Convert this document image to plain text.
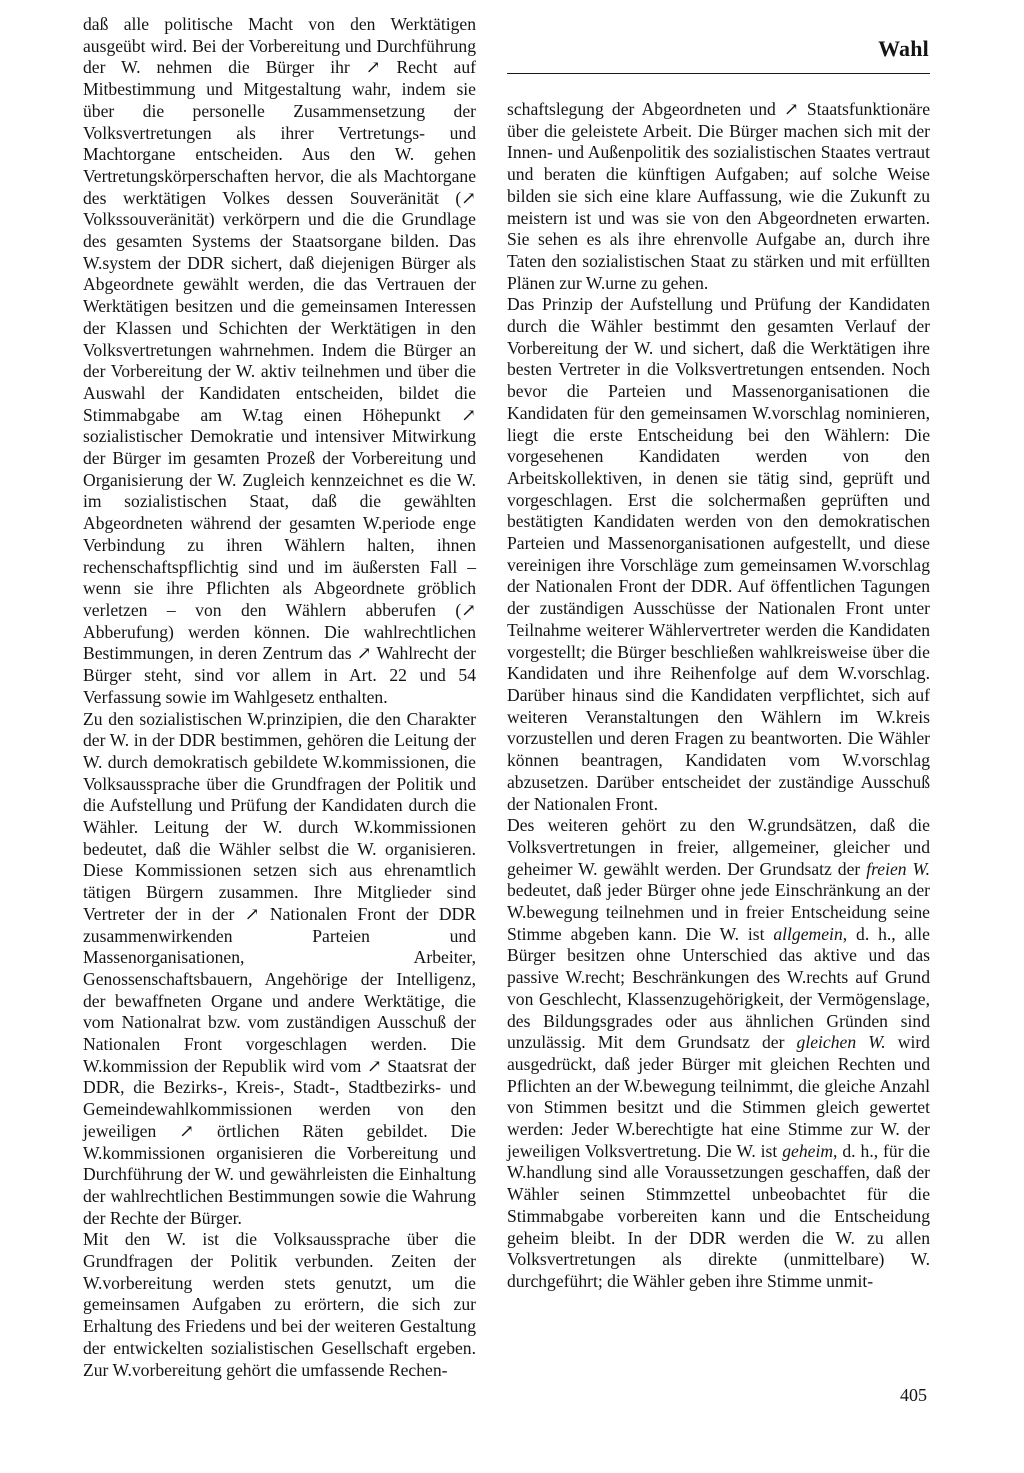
Wahl

daß alle politische Macht von den Werktätigen ausgeübt wird. Bei der Vorbereitung und Durchführung der W. nehmen die Bürger ihr ↗ Recht auf Mitbestimmung und Mitgestaltung wahr, indem sie über die personelle Zusammensetzung der Volksvertretungen als ihrer Vertretungs- und Machtorgane entscheiden. Aus den W. gehen Vertretungskörperschaften hervor, die als Machtorgane des werktätigen Volkes dessen Souveränität (↗ Volkssouveränität) verkörpern und die die Grundlage des gesamten Systems der Staatsorgane bilden. Das W.system der DDR sichert, daß diejenigen Bürger als Abgeordnete gewählt werden, die das Vertrauen der Werktätigen besitzen und die gemeinsamen Interessen der Klassen und Schichten der Werktätigen in den Volksvertretungen wahrnehmen. Indem die Bürger an der Vorbereitung der W. aktiv teilnehmen und über die Auswahl der Kandidaten entscheiden, bildet die Stimmabgabe am W.tag einen Höhepunkt ↗ sozialistischer Demokratie und intensiver Mitwirkung der Bürger im gesamten Prozeß der Vorbereitung und Organisierung der W. Zugleich kennzeichnet es die W. im sozialistischen Staat, daß die gewählten Abgeordneten während der gesamten W.periode enge Verbindung zu ihren Wählern halten, ihnen rechenschaftspflichtig sind und im äußersten Fall – wenn sie ihre Pflichten als Abgeordnete gröblich verletzen – von den Wählern abberufen (↗ Abberufung) werden können. Die wahlrechtlichen Bestimmungen, in deren Zentrum das ↗ Wahlrecht der Bürger steht, sind vor allem in Art. 22 und 54 Verfassung sowie im Wahlgesetz enthalten.

Zu den sozialistischen W.prinzipien, die den Charakter der W. in der DDR bestimmen, gehören die Leitung der W. durch demokratisch gebildete W.kommissionen, die Volksaussprache über die Grundfragen der Politik und die Aufstellung und Prüfung der Kandidaten durch die Wähler. Leitung der W. durch W.kommissionen bedeutet, daß die Wähler selbst die W. organisieren. Diese Kommissionen setzen sich aus ehrenamtlich tätigen Bürgern zusammen. Ihre Mitglieder sind Vertreter der in der ↗ Nationalen Front der DDR zusammenwirkenden Parteien und Massenorganisationen, Arbeiter, Genossenschaftsbauern, Angehörige der Intelligenz, der bewaffneten Organe und andere Werktätige, die vom Nationalrat bzw. vom zuständigen Ausschuß der Nationalen Front vorgeschlagen werden. Die W.kommission der Republik wird vom ↗ Staatsrat der DDR, die Bezirks-, Kreis-, Stadt-, Stadtbezirks- und Gemeindewahlkommissionen werden von den jeweiligen ↗ örtlichen Räten gebildet. Die W.kommissionen organisieren die Vorbereitung und Durchführung der W. und gewährleisten die Einhaltung der wahlrechtlichen Bestimmungen sowie die Wahrung der Rechte der Bürger.

Mit den W. ist die Volksaussprache über die Grundfragen der Politik verbunden. Zeiten der W.vorbereitung werden stets genutzt, um die gemeinsamen Aufgaben zu erörtern, die sich zur Erhaltung des Friedens und bei der weiteren Gestaltung der entwickelten sozialistischen Gesellschaft ergeben. Zur W.vorbereitung gehört die umfassende Rechen-

schaftslegung der Abgeordneten und ↗ Staatsfunktionäre über die geleistete Arbeit. Die Bürger machen sich mit der Innen- und Außenpolitik des sozialistischen Staates vertraut und beraten die künftigen Aufgaben; auf solche Weise bilden sie sich eine klare Auffassung, wie die Zukunft zu meistern ist und was sie von den Abgeordneten erwarten. Sie sehen es als ihre ehrenvolle Aufgabe an, durch ihre Taten den sozialistischen Staat zu stärken und mit erfüllten Plänen zur W.urne zu gehen.

Das Prinzip der Aufstellung und Prüfung der Kandidaten durch die Wähler bestimmt den gesamten Verlauf der Vorbereitung der W. und sichert, daß die Werktätigen ihre besten Vertreter in die Volksvertretungen entsenden. Noch bevor die Parteien und Massenorganisationen die Kandidaten für den gemeinsamen W.vorschlag nominieren, liegt die erste Entscheidung bei den Wählern: Die vorgesehenen Kandidaten werden von den Arbeitskollektiven, in denen sie tätig sind, geprüft und vorgeschlagen. Erst die solchermaßen geprüften und bestätigten Kandidaten werden von den demokratischen Parteien und Massenorganisationen aufgestellt, und diese vereinigen ihre Vorschläge zum gemeinsamen W.vorschlag der Nationalen Front der DDR. Auf öffentlichen Tagungen der zuständigen Ausschüsse der Nationalen Front unter Teilnahme weiterer Wählervertreter werden die Kandidaten vorgestellt; die Bürger beschließen wahlkreisweise über die Kandidaten und ihre Reihenfolge auf dem W.vorschlag. Darüber hinaus sind die Kandidaten verpflichtet, sich auf weiteren Veranstaltungen den Wählern im W.kreis vorzustellen und deren Fragen zu beantworten. Die Wähler können beantragen, Kandidaten vom W.vorschlag abzusetzen. Darüber entscheidet der zuständige Ausschuß der Nationalen Front.

Des weiteren gehört zu den W.grundsätzen, daß die Volksvertretungen in freier, allgemeiner, gleicher und geheimer W. gewählt werden. Der Grundsatz der freien W. bedeutet, daß jeder Bürger ohne jede Einschränkung an der W.bewegung teilnehmen und in freier Entscheidung seine Stimme abgeben kann. Die W. ist allgemein, d. h., alle Bürger besitzen ohne Unterschied das aktive und das passive W.recht; Beschränkungen des W.rechts auf Grund von Geschlecht, Klassenzugehörigkeit, der Vermögenslage, des Bildungsgrades oder aus ähnlichen Gründen sind unzulässig. Mit dem Grundsatz der gleichen W. wird ausgedrückt, daß jeder Bürger mit gleichen Rechten und Pflichten an der W.bewegung teilnimmt, die gleiche Anzahl von Stimmen besitzt und die Stimmen gleich gewertet werden: Jeder W.berechtigte hat eine Stimme zur W. der jeweiligen Volksvertretung. Die W. ist geheim, d. h., für die W.handlung sind alle Voraussetzungen geschaffen, daß der Wähler seinen Stimmzettel unbeobachtet für die Stimmabgabe vorbereiten kann und die Entscheidung geheim bleibt. In der DDR werden die W. zu allen Volksvertretungen als direkte (unmittelbare) W. durchgeführt; die Wähler geben ihre Stimme unmit-

405
